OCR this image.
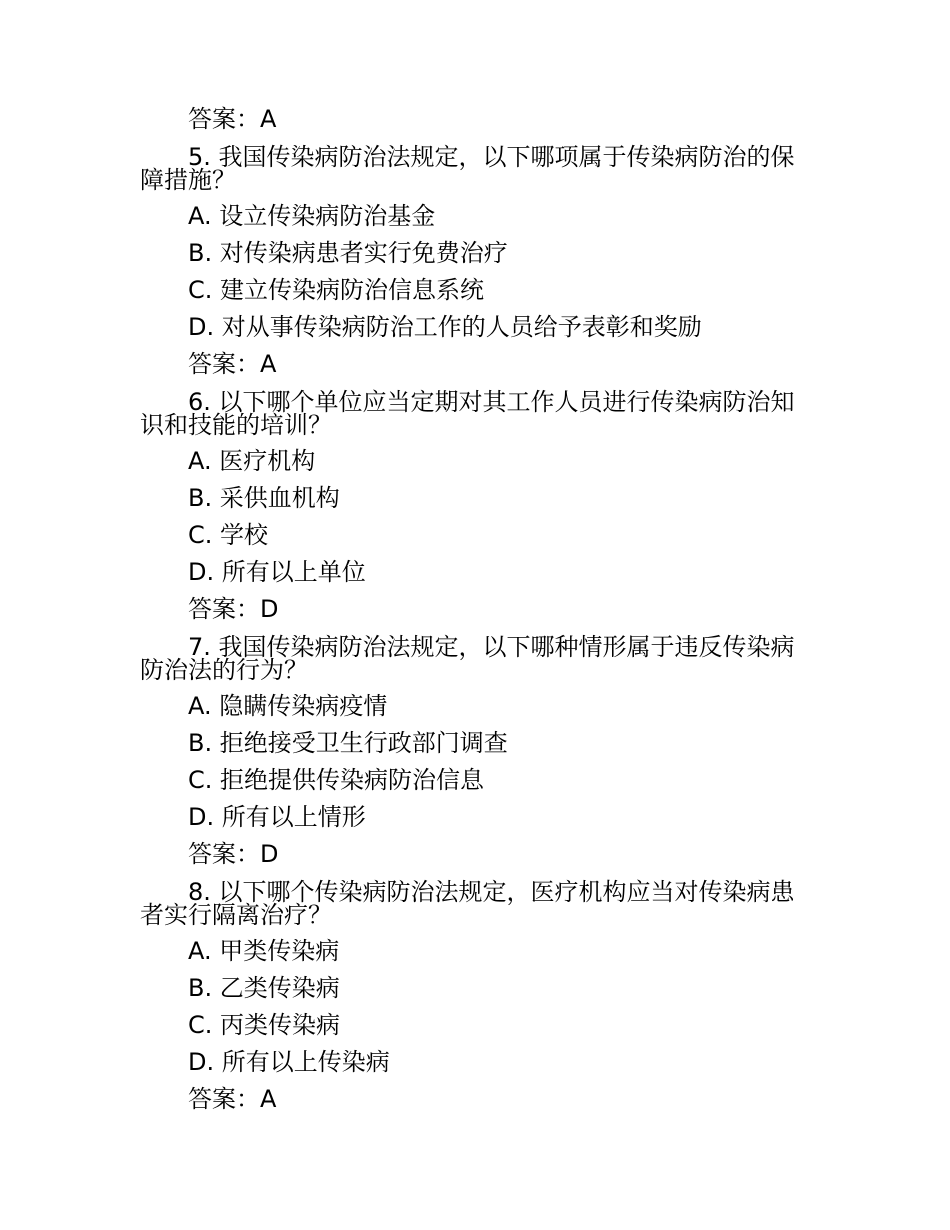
答案：A
5. 我国传染病防治法规定，以下哪项属于传染病防治的保障措施？
A. 设立传染病防治基金
B. 对传染病患者实行免费治疗
C. 建立传染病防治信息系统
D. 对从事传染病防治工作的人员给予表彰和奖励
答案：A
6. 以下哪个单位应当定期对其工作人员进行传染病防治知识和技能的培训？
A. 医疗机构
B. 采供血机构
C. 学校
D. 所有以上单位
答案：D
7. 我国传染病防治法规定，以下哪种情形属于违反传染病防治法的行为？
A. 隐瞒传染病疫情
B. 拒绝接受卫生行政部门调查
C. 拒绝提供传染病防治信息
D. 所有以上情形
答案：D
8. 以下哪个传染病防治法规定，医疗机构应当对传染病患者实行隔离治疗？
A. 甲类传染病
B. 乙类传染病
C. 丙类传染病
D. 所有以上传染病
答案：A
